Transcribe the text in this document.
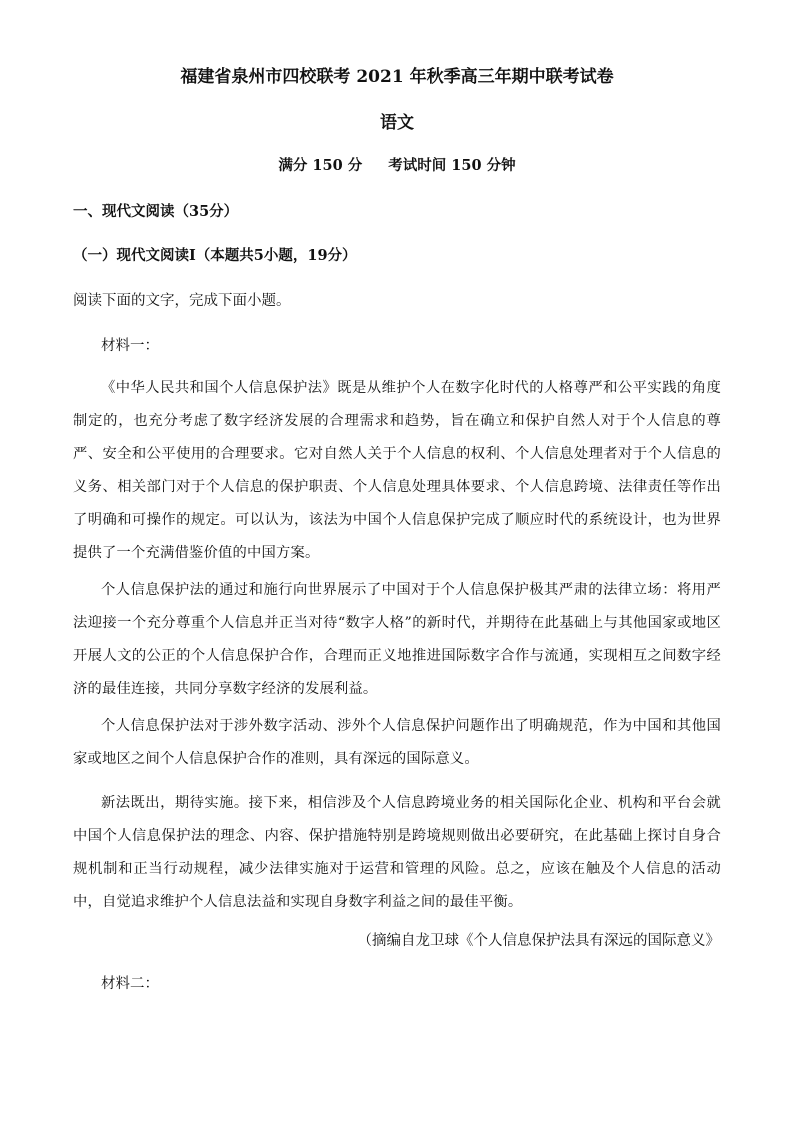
福建省泉州市四校联考 2021 年秋季高三年期中联考试卷
语文
满分 150 分 考试时间 150 分钟
一、现代文阅读（35分）
（一）现代文阅读Ⅰ（本题共5小题，19分）
阅读下面的文字，完成下面小题。
材料一：
《中华人民共和国个人信息保护法》既是从维护个人在数字化时代的人格尊严和公平实践的角度制定的，也充分考虑了数字经济发展的合理需求和趋势，旨在确立和保护自然人对于个人信息的尊严、安全和公平使用的合理要求。它对自然人关于个人信息的权利、个人信息处理者对于个人信息的义务、相关部门对于个人信息的保护职责、个人信息处理具体要求、个人信息跨境、法律责任等作出了明确和可操作的规定。可以认为，该法为中国个人信息保护完成了顺应时代的系统设计，也为世界提供了一个充满借鉴价值的中国方案。
个人信息保护法的通过和施行向世界展示了中国对于个人信息保护极其严肃的法律立场：将用严法迎接一个充分尊重个人信息并正当对待“数字人格”的新时代，并期待在此基础上与其他国家或地区开展人文的公正的个人信息保护合作，合理而正义地推进国际数字合作与流通，实现相互之间数字经济的最佳连接，共同分享数字经济的发展利益。
个人信息保护法对于涉外数字活动、涉外个人信息保护问题作出了明确规范，作为中国和其他国家或地区之间个人信息保护合作的准则，具有深远的国际意义。
新法既出，期待实施。接下来，相信涉及个人信息跨境业务的相关国际化企业、机构和平台会就中国个人信息保护法的理念、内容、保护措施特别是跨境规则做出必要研究，在此基础上探讨自身合规机制和正当行动规程，减少法律实施对于运营和管理的风险。总之，应该在触及个人信息的活动中，自觉追求维护个人信息法益和实现自身数字利益之间的最佳平衡。
（摘编自龙卫球《个人信息保护法具有深远的国际意义》
材料二：
